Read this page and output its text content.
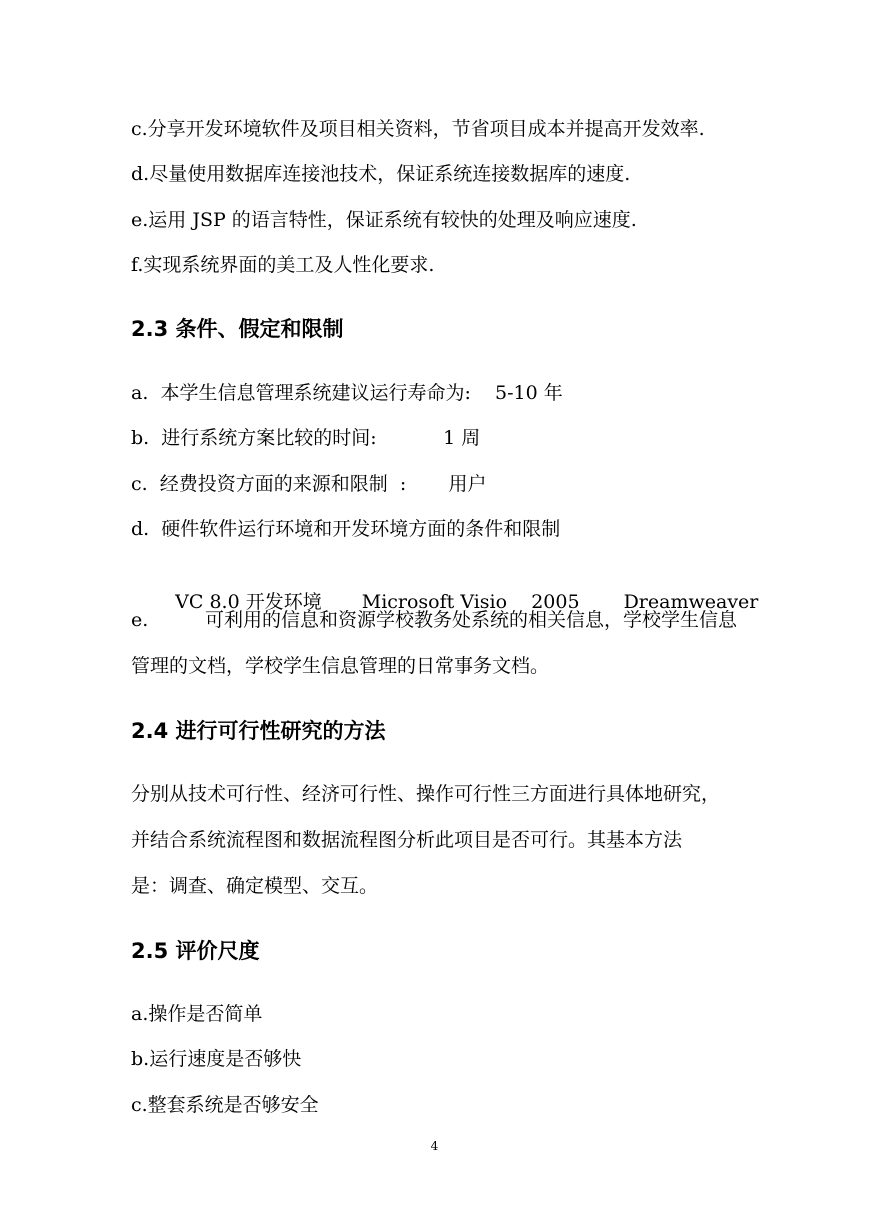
c.分享开发环境软件及项目相关资料，节省项目成本并提高开发效率.

d.尽量使用数据库连接池技术，保证系统连接数据库的速度.

e.运用 JSP 的语言特性，保证系统有较快的处理及响应速度.

f.实现系统界面的美工及人性化要求.

2.3 条件、假定和限制

a.  本学生信息管理系统建议运行寿命为:    5-10 年

b.  进行系统方案比较的时间:           1 周

c.  经费投资方面的来源和限制  :       用户

d.  硬件软件运行环境和开发环境方面的条件和限制

VC 8.0 开发环境 Microsoft Visio    2005 Dreamweaver

e.	可利用的信息和资源学校教务处系统的相关信息，学校学生信息

管理的文档，学校学生信息管理的日常事务文档。

2.4 进行可行性研究的方法

分别从技术可行性、经济可行性、操作可行性三方面进行具体地研究，

并结合系统流程图和数据流程图分析此项目是否可行。其基本方法

是：调查、确定模型、交互。

2.5 评价尺度

a.操作是否简单

b.运行速度是否够快

c.整套系统是否够安全

4
